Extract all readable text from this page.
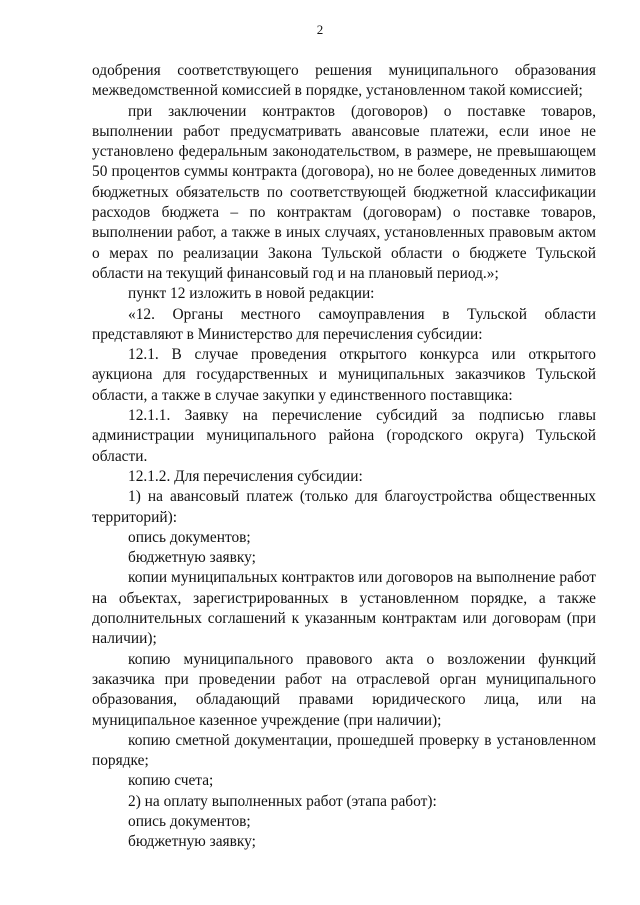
2

одобрения соответствующего решения муниципального образования межведомственной комиссией в порядке, установленном такой комиссией;

при заключении контрактов (договоров) о поставке товаров, выполнении работ предусматривать авансовые платежи, если иное не установлено федеральным законодательством, в размере, не превышающем 50 процентов суммы контракта (договора), но не более доведенных лимитов бюджетных обязательств по соответствующей бюджетной классификации расходов бюджета – по контрактам (договорам) о поставке товаров, выполнении работ, а также в иных случаях, установленных правовым актом о мерах по реализации Закона Тульской области о бюджете Тульской области на текущий финансовый год и на плановый период.»;

пункт 12 изложить в новой редакции:

«12. Органы местного самоуправления в Тульской области представляют в Министерство для перечисления субсидии:

12.1. В случае проведения открытого конкурса или открытого аукциона для государственных и муниципальных заказчиков Тульской области, а также в случае закупки у единственного поставщика:

12.1.1. Заявку на перечисление субсидий за подписью главы администрации муниципального района (городского округа) Тульской области.

12.1.2. Для перечисления субсидии:

1) на авансовый платеж (только для благоустройства общественных территорий):

опись документов;

бюджетную заявку;

копии муниципальных контрактов или договоров на выполнение работ на объектах, зарегистрированных в установленном порядке, а также дополнительных соглашений к указанным контрактам или договорам (при наличии);

копию муниципального правового акта о возложении функций заказчика при проведении работ на отраслевой орган муниципального образования, обладающий правами юридического лица, или на муниципальное казенное учреждение (при наличии);

копию сметной документации, прошедшей проверку в установленном порядке;

копию счета;

2) на оплату выполненных работ (этапа работ):

опись документов;

бюджетную заявку;
